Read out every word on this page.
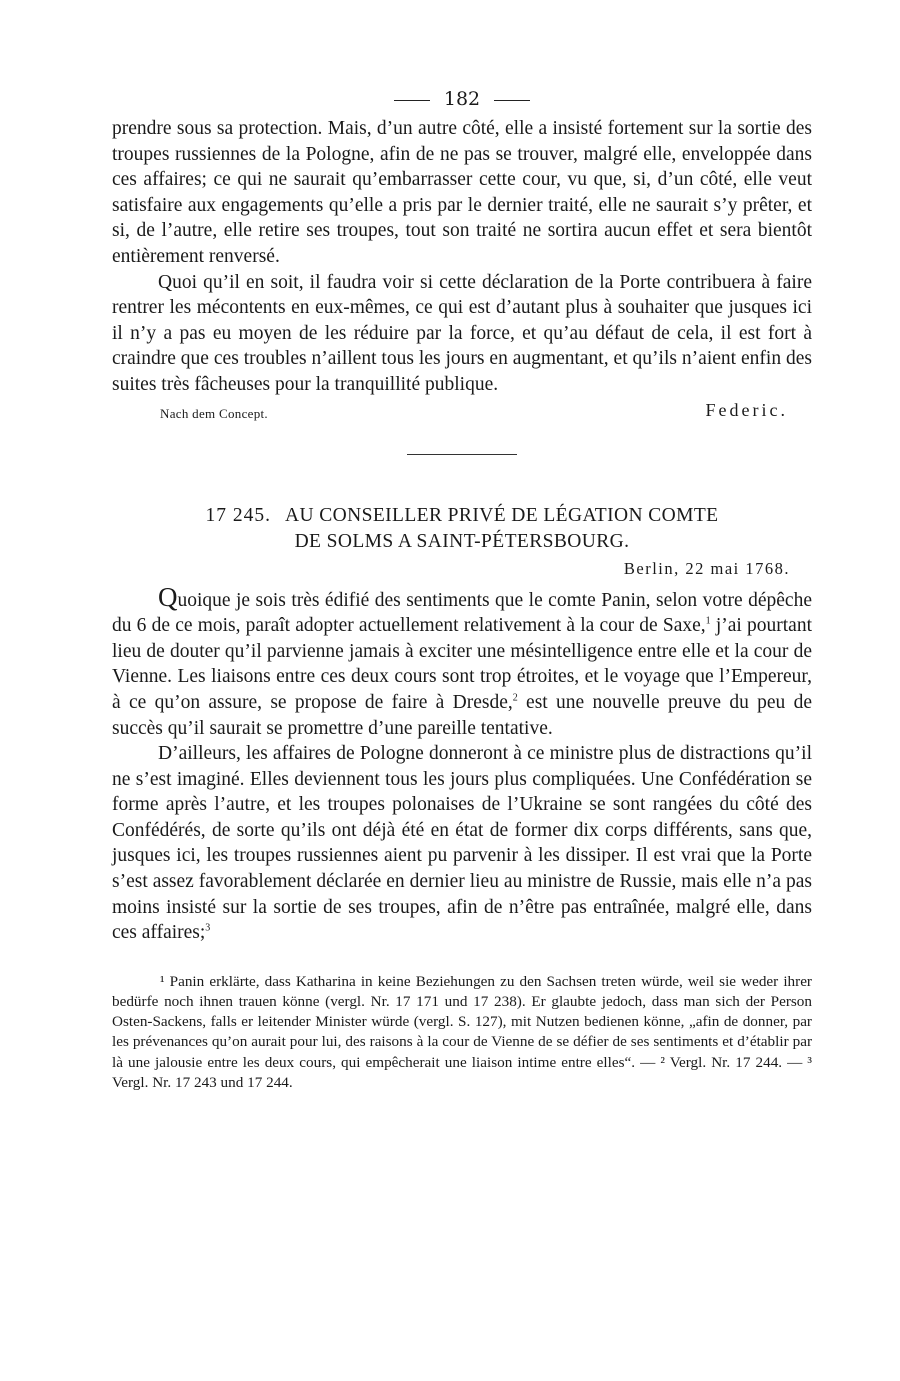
182

prendre sous sa protection. Mais, d’un autre côté, elle a insisté fortement sur la sortie des troupes russiennes de la Pologne, afin de ne pas se trouver, malgré elle, enveloppée dans ces affaires; ce qui ne saurait qu’embarrasser cette cour, vu que, si, d’un côté, elle veut satisfaire aux engagements qu’elle a pris par le dernier traité, elle ne saurait s’y prêter, et si, de l’autre, elle retire ses troupes, tout son traité ne sortira aucun effet et sera bientôt entièrement renversé.

Quoi qu’il en soit, il faudra voir si cette déclaration de la Porte contribuera à faire rentrer les mécontents en eux-mêmes, ce qui est d’autant plus à souhaiter que jusques ici il n’y a pas eu moyen de les réduire par la force, et qu’au défaut de cela, il est fort à craindre que ces troubles n’aillent tous les jours en augmentant, et qu’ils n’aient enfin des suites très fâcheuses pour la tranquillité publique.

Nach dem Concept.	Federic.
17 245. AU CONSEILLER PRIVÉ DE LÉGATION COMTE
DE SOLMS A SAINT-PÉTERSBOURG.
Berlin, 22 mai 1768.

Quoique je sois très édifié des sentiments que le comte Panin, selon votre dépêche du 6 de ce mois, paraît adopter actuellement relativement à la cour de Saxe,$^1$ j’ai pourtant lieu de douter qu’il parvienne jamais à exciter une mésintelligence entre elle et la cour de Vienne. Les liaisons entre ces deux cours sont trop étroites, et le voyage que l’Empereur, à ce qu’on assure, se propose de faire à Dresde,$^2$ est une nouvelle preuve du peu de succès qu’il saurait se promettre d’une pareille tentative.

D’ailleurs, les affaires de Pologne donneront à ce ministre plus de distractions qu’il ne s’est imaginé. Elles deviennent tous les jours plus compliquées. Une Confédération se forme après l’autre, et les troupes polonaises de l’Ukraine se sont rangées du côté des Confédérés, de sorte qu’ils ont déjà été en état de former dix corps différents, sans que, jusques ici, les troupes russiennes aient pu parvenir à les dissiper. Il est vrai que la Porte s’est assez favorablement déclarée en dernier lieu au ministre de Russie, mais elle n’a pas moins insisté sur la sortie de ses troupes, afin de n’être pas entraînée, malgré elle, dans ces affaires;$^3$

¹ Panin erklärte, dass Katharina in keine Beziehungen zu den Sachsen treten würde, weil sie weder ihrer bedürfe noch ihnen trauen könne (vergl. Nr. 17 171 und 17 238). Er glaubte jedoch, dass man sich der Person Osten-Sackens, falls er leitender Minister würde (vergl. S. 127), mit Nutzen bedienen könne, „afin de donner, par les prévenances qu’on aurait pour lui, des raisons à la cour de Vienne de se défier de ses sentiments et d’établir par là une jalousie entre les deux cours, qui empêcherait une liaison intime entre elles“. — ² Vergl. Nr. 17 244. — ³ Vergl. Nr. 17 243 und 17 244.
